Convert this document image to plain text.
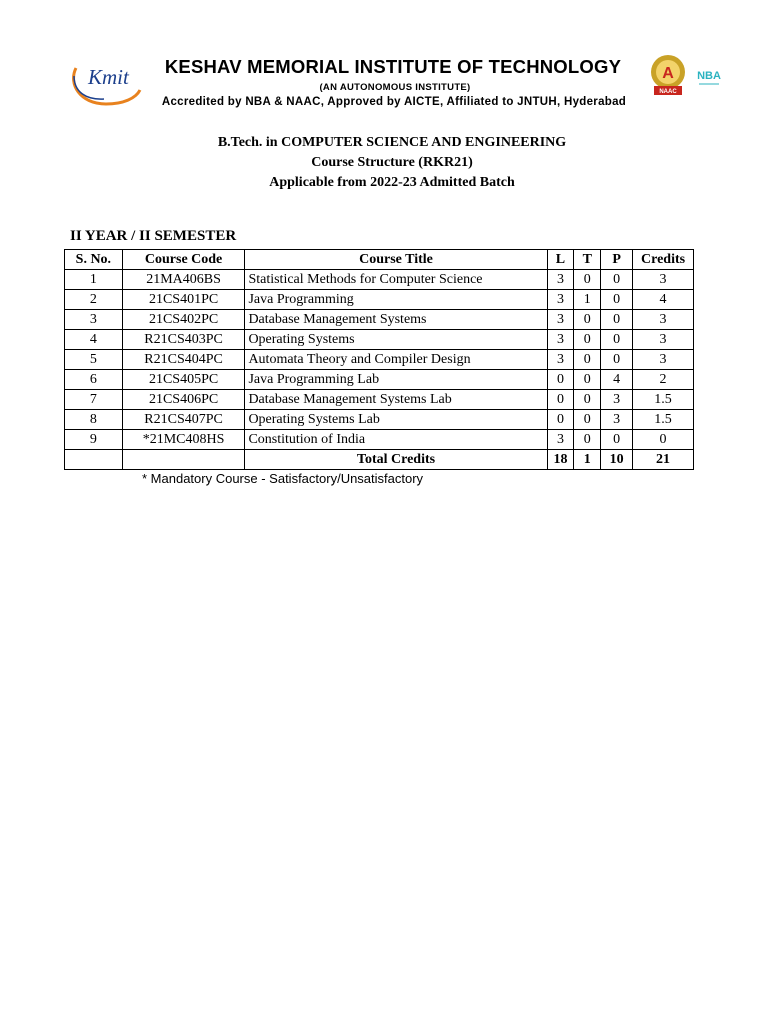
Kmit	A
NAAC
NBA
KESHAV MEMORIAL INSTITUTE OF TECHNOLOGY
(AN AUTONOMOUS INSTITUTE)
Accredited by NBA & NAAC, Approved by AICTE, Affiliated to JNTUH, Hyderabad
B.Tech. in COMPUTER SCIENCE AND ENGINEERING
Course Structure (RKR21)
Applicable from 2022-23 Admitted Batch
II YEAR / II SEMESTER
S. No.	Course Code	Course Title	L	T	P	Credits
1	21MA406BS	Statistical Methods for Computer Science	3	0	0	3
2	21CS401PC	Java Programming	3	1	0	4
3	21CS402PC	Database Management Systems	3	0	0	3
4	R21CS403PC	Operating Systems	3	0	0	3
5	R21CS404PC	Automata Theory and Compiler Design	3	0	0	3
6	21CS405PC	Java Programming Lab	0	0	4	2
7	21CS406PC	Database Management Systems Lab	0	0	3	1.5
8	R21CS407PC	Operating Systems Lab	0	0	3	1.5
9	*21MC408HS	Constitution of India	3	0	0	0
		Total Credits	18	1	10	21
* Mandatory Course - Satisfactory/Unsatisfactory
